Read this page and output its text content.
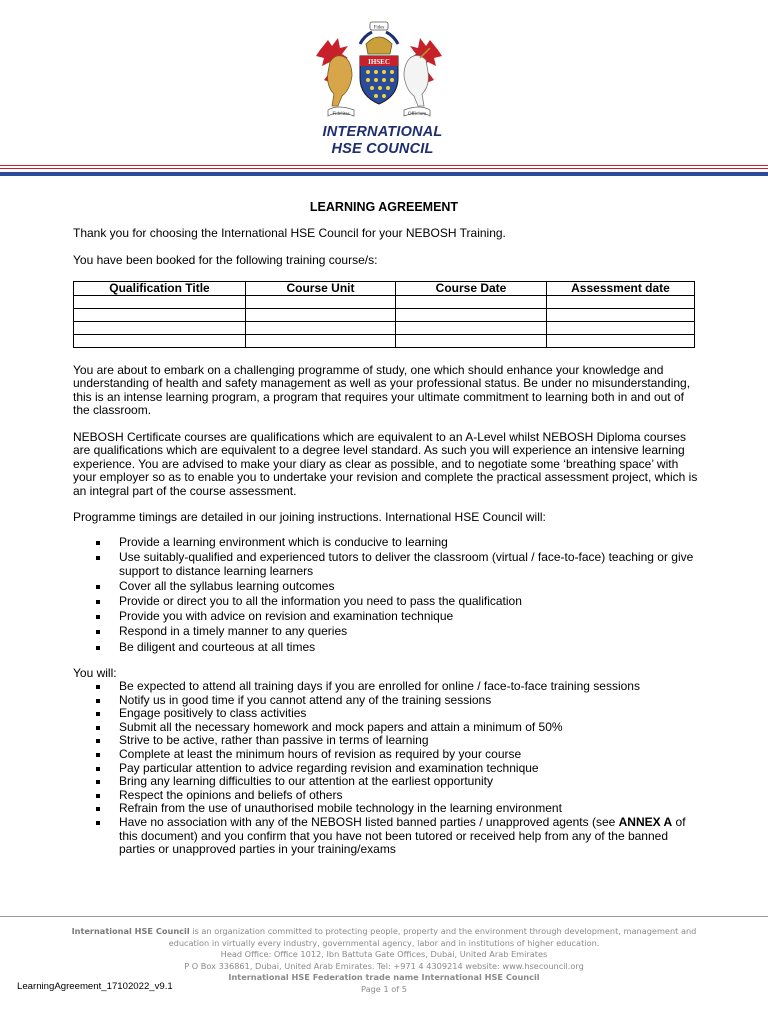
Fides
IHSEC
Fidelitas	Officium
INTERNATIONAL
HSE COUNCIL
LEARNING AGREEMENT
Thank you for choosing the International HSE Council for your NEBOSH Training.
You have been booked for the following training course/s:
Qualification Title	Course Unit	Course Date	Assessment date

You are about to embark on a challenging programme of study, one which should enhance your knowledge and understanding of health and safety management as well as your professional status. Be under no misunderstanding, this is an intense learning program, a program that requires your ultimate commitment to learning both in and out of the classroom.
NEBOSH Certificate courses are qualifications which are equivalent to an A-Level whilst NEBOSH Diploma courses are qualifications which are equivalent to a degree level standard. As such you will experience an intensive learning experience. You are advised to make your diary as clear as possible, and to negotiate some ‘breathing space’ with your employer so as to enable you to undertake your revision and complete the practical assessment project, which is an integral part of the course assessment.
Programme timings are detailed in our joining instructions. International HSE Council will:
Provide a learning environment which is conducive to learning
Use suitably-qualified and experienced tutors to deliver the classroom (virtual / face-to-face) teaching or give support to distance learning learners
Cover all the syllabus learning outcomes
Provide or direct you to all the information you need to pass the qualification
Provide you with advice on revision and examination technique
Respond in a timely manner to any queries
Be diligent and courteous at all times
You will:
Be expected to attend all training days if you are enrolled for online / face-to-face training sessions
Notify us in good time if you cannot attend any of the training sessions
Engage positively to class activities
Submit all the necessary homework and mock papers and attain a minimum of 50%
Strive to be active, rather than passive in terms of learning
Complete at least the minimum hours of revision as required by your course
Pay particular attention to advice regarding revision and examination technique
Bring any learning difficulties to our attention at the earliest opportunity
Respect the opinions and beliefs of others
Refrain from the use of unauthorised mobile technology in the learning environment
Have no association with any of the NEBOSH listed banned parties / unapproved agents (see ANNEX A of this document) and you confirm that you have not been tutored or received help from any of the banned parties or unapproved parties in your training/exams
International HSE Council is an organization committed to protecting people, property and the environment through development, management and education in virtually every industry, governmental agency, labor and in institutions of higher education.
Head Office: Office 1012, Ibn Battuta Gate Offices, Dubai, United Arab Emirates
P O Box 336861, Dubai, United Arab Emirates. Tel: +971 4 4309214 website: www.hsecouncil.org
International HSE Federation trade name International HSE Council
Page 1 of 5
LearningAgreement_17102022_v9.1
